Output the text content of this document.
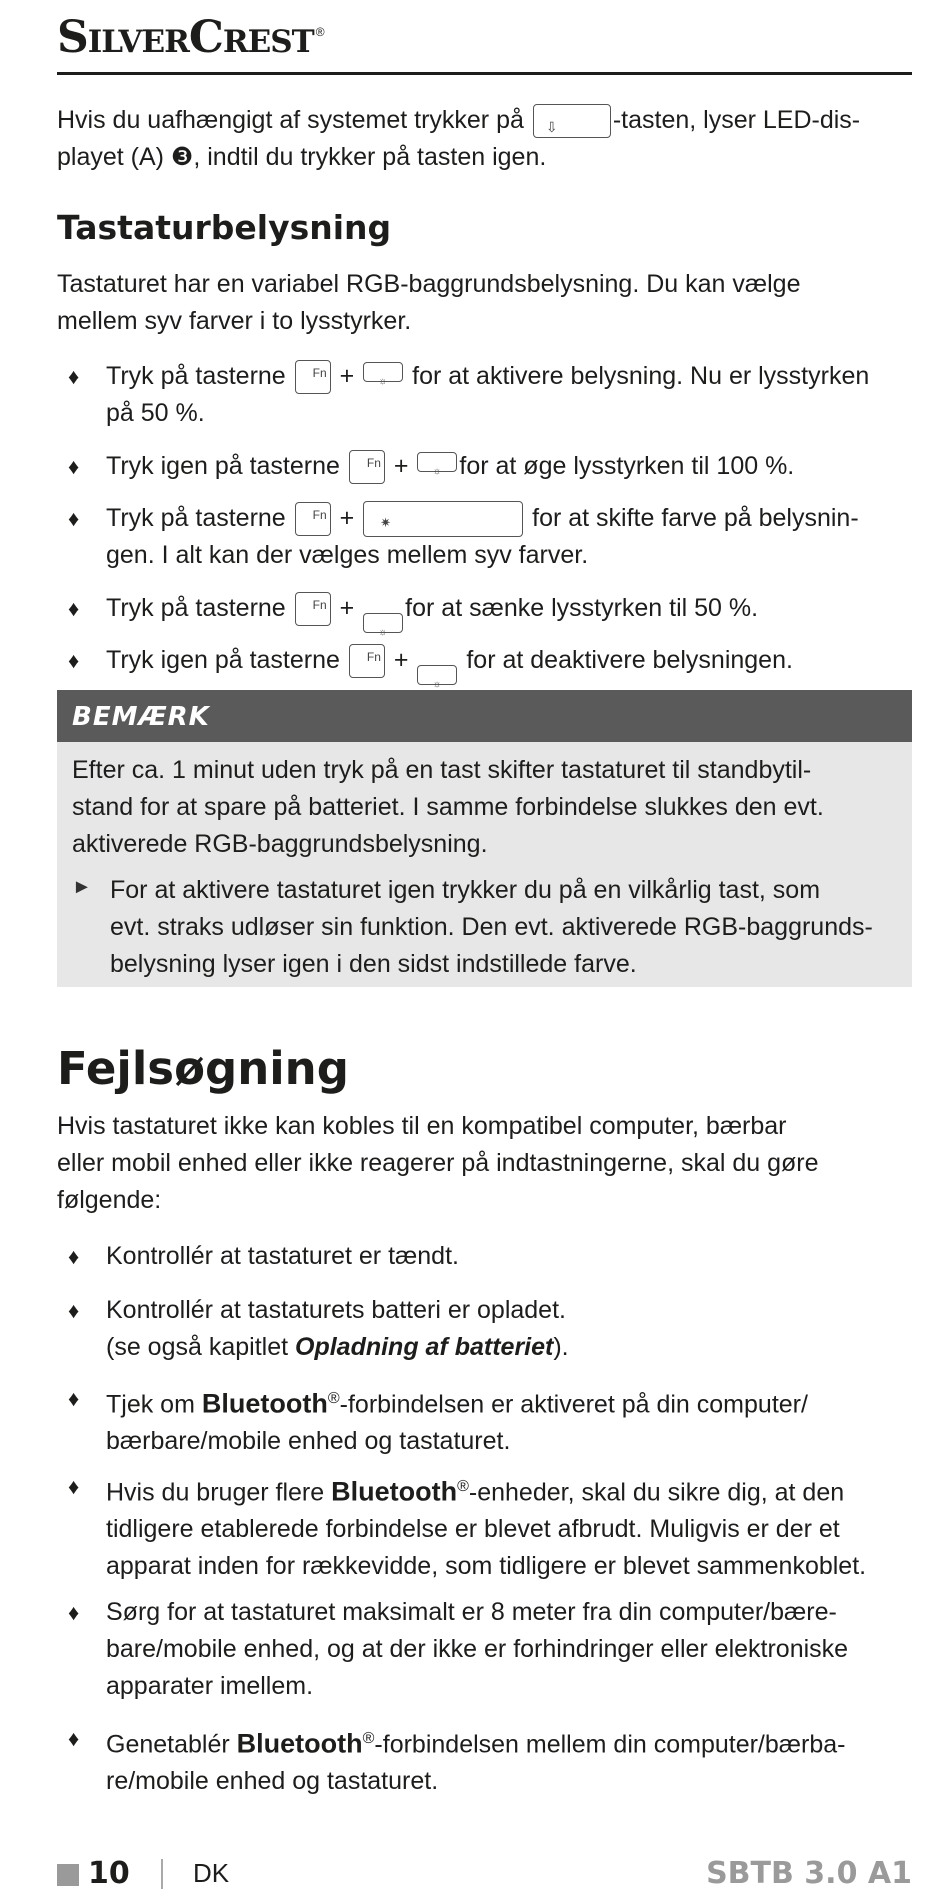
SilverCrest ®
Hvis du uafhængigt af systemet trykker på ⇩ -tasten, lyser LED-dis-
playet (A) ❸, indtil du trykker på tasten igen.
Tastaturbelysning
Tastaturet har en variabel RGB-baggrundsbelysning. Du kan vælge
mellem syv farver i to lysstyrker.
♦ Tryk på tasterne Fn + ☼ for at aktivere belysning. Nu er lysstyrken
på 50 %.
♦ Tryk igen på tasterne Fn + ☼ for at øge lysstyrken til 100 %.
♦ Tryk på tasterne Fn + ✷	for at skifte farve på belysnin-
gen. I alt kan der vælges mellem syv farver.
♦ Tryk på tasterne Fn +
☼
for at sænke lysstyrken til 50 %.
♦ Tryk igen på tasterne Fn +
☼
for at deaktivere belysningen.
BEMÆRK
Efter ca. 1 minut uden tryk på en tast skifter tastaturet til standbytil-
stand for at spare på batteriet. I samme forbindelse slukkes den evt.
aktiverede RGB-baggrundsbelysning.
► For at aktivere tastaturet igen trykker du på en vilkårlig tast, som
evt. straks udløser sin funktion. Den evt. aktiverede RGB-baggrunds-
belysning lyser igen i den sidst indstillede farve.
Fejlsøgning
Hvis tastaturet ikke kan kobles til en kompatibel computer, bærbar
eller mobil enhed eller ikke reagerer på indtastningerne, skal du gøre
følgende:
♦ Kontrollér at tastaturet er tændt.
♦ Kontrollér at tastaturets batteri er opladet.
(se også kapitlet Opladning af batteriet).
♦ Tjek om Bluetooth®-forbindelsen er aktiveret på din computer/
bærbare/mobile enhed og tastaturet.
♦ Hvis du bruger flere Bluetooth®-enheder, skal du sikre dig, at den
tidligere etablerede forbindelse er blevet afbrudt. Muligvis er der et
apparat inden for rækkevidde, som tidligere er blevet sammenkoblet.
♦ Sørg for at tastaturet maksimalt er 8 meter fra din computer/bære-
bare/mobile enhed, og at der ikke er forhindringer eller elektroniske
apparater imellem.
♦ Genetablér Bluetooth®-forbindelsen mellem din computer/bærba-
re/mobile enhed og tastaturet.
10 DK	SBTB 3.0 A1
